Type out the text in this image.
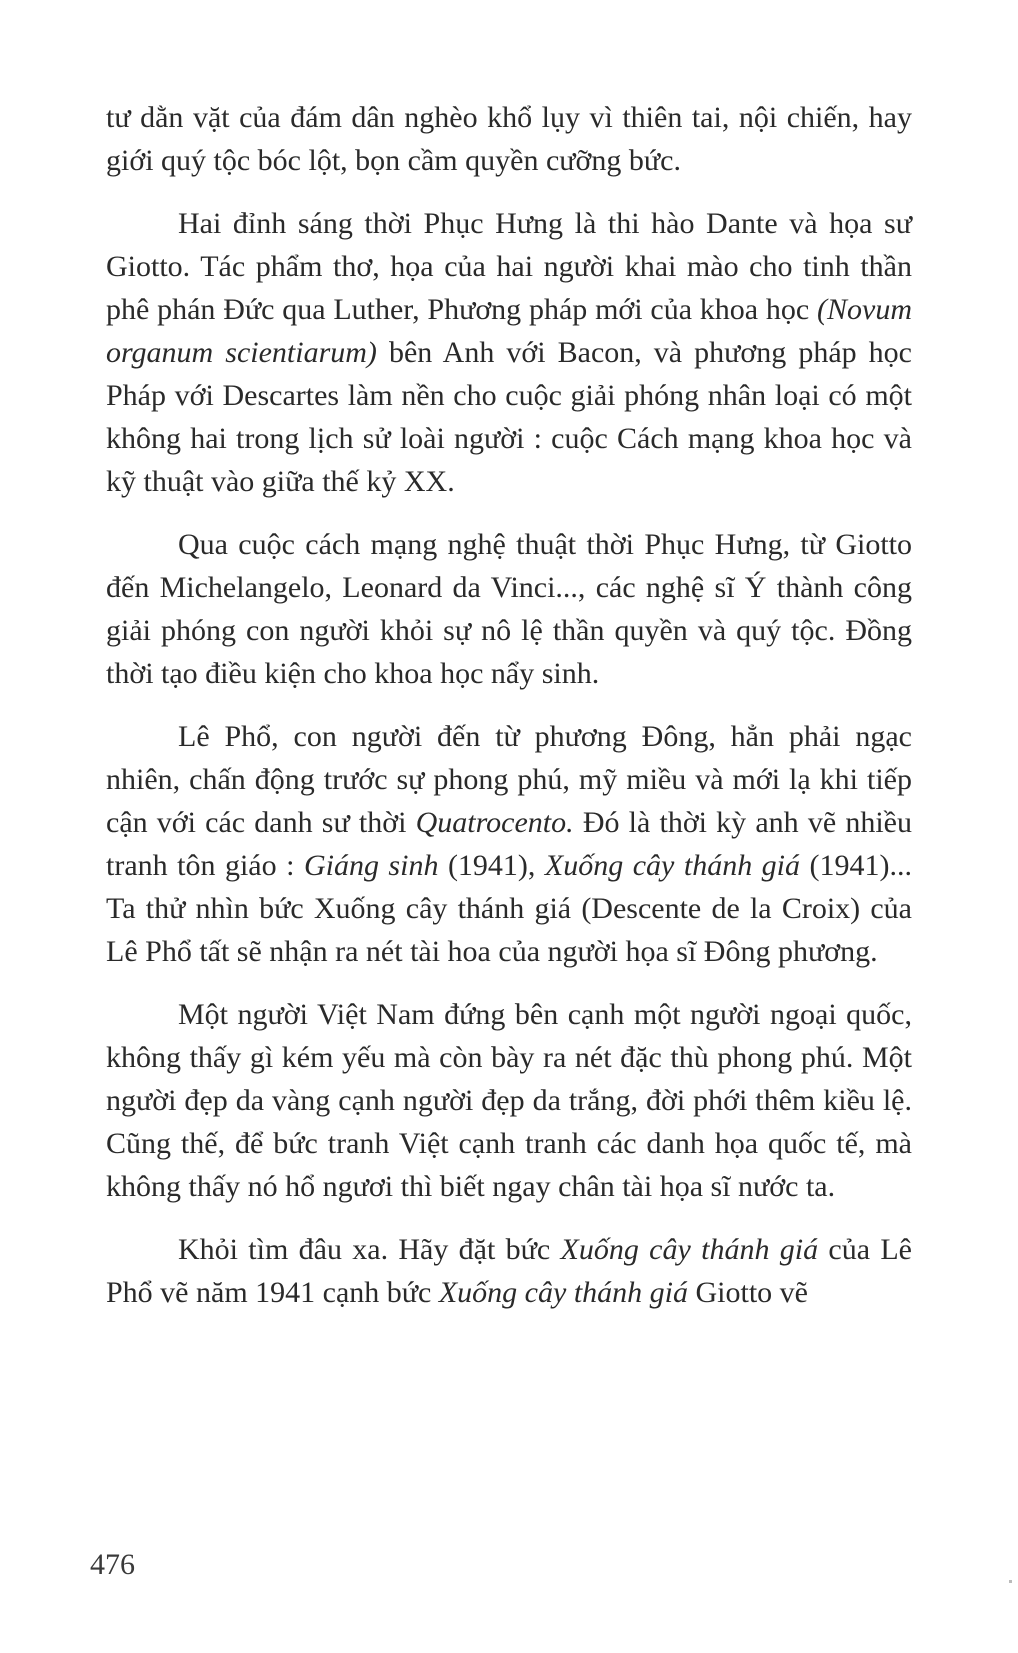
tư dằn vặt của đám dân nghèo khổ lụy vì thiên tai, nội chiến, hay giới quý tộc bóc lột, bọn cầm quyền cưỡng bức.

Hai đỉnh sáng thời Phục Hưng là thi hào Dante và họa sư Giotto. Tác phẩm thơ, họa của hai người khai mào cho tinh thần phê phán Đức qua Luther, Phương pháp mới của khoa học (Novum organum scientiarum) bên Anh với Bacon, và phương pháp học Pháp với Descartes làm nền cho cuộc giải phóng nhân loại có một không hai trong lịch sử loài người : cuộc Cách mạng khoa học và kỹ thuật vào giữa thế kỷ XX.

Qua cuộc cách mạng nghệ thuật thời Phục Hưng, từ Giotto đến Michelangelo, Leonard da Vinci..., các nghệ sĩ Ý thành công giải phóng con người khỏi sự nô lệ thần quyền và quý tộc. Đồng thời tạo điều kiện cho khoa học nẩy sinh.

Lê Phổ, con người đến từ phương Đông, hẳn phải ngạc nhiên, chấn động trước sự phong phú, mỹ miều và mới lạ khi tiếp cận với các danh sư thời Quatrocento. Đó là thời kỳ anh vẽ nhiều tranh tôn giáo : Giáng sinh (1941), Xuống cây thánh giá (1941)... Ta thử nhìn bức Xuống cây thánh giá (Descente de la Croix) của Lê Phổ tất sẽ nhận ra nét tài hoa của người họa sĩ Đông phương.

Một người Việt Nam đứng bên cạnh một người ngoại quốc, không thấy gì kém yếu mà còn bày ra nét đặc thù phong phú. Một người đẹp da vàng cạnh người đẹp da trắng, đời phới thêm kiều lệ. Cũng thế, để bức tranh Việt cạnh tranh các danh họa quốc tế, mà không thấy nó hổ ngươi thì biết ngay chân tài họa sĩ nước ta.

Khỏi tìm đâu xa. Hãy đặt bức Xuống cây thánh giá của Lê Phổ vẽ năm 1941 cạnh bức Xuống cây thánh giá Giotto vẽ

476
